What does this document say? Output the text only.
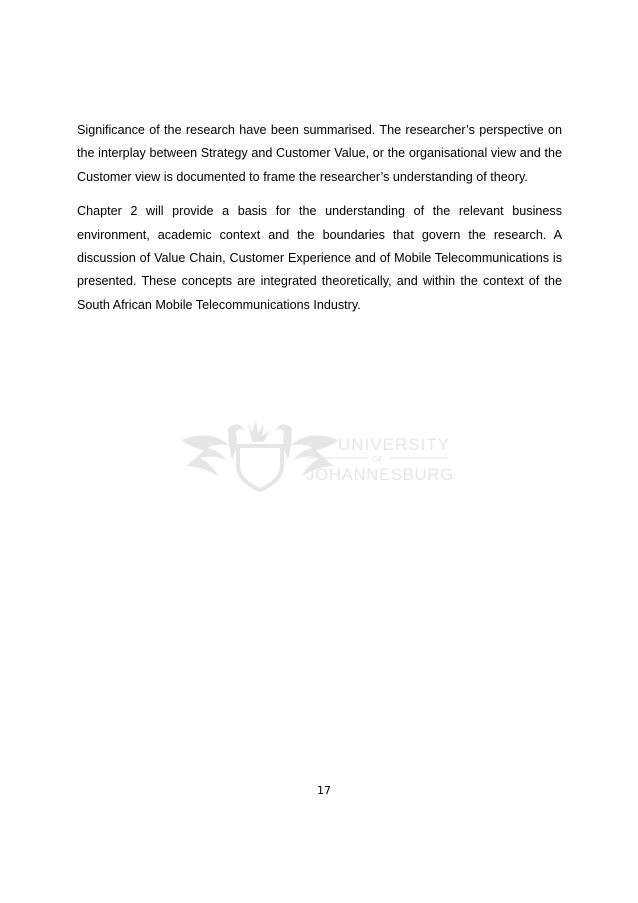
Significance of the research have been summarised. The researcher’s perspective on the interplay between Strategy and Customer Value, or the organisational view and the Customer view is documented to frame the researcher’s understanding of theory.

Chapter 2 will provide a basis for the understanding of the relevant business environment, academic context and the boundaries that govern the research. A discussion of Value Chain, Customer Experience and of Mobile Telecommunications is presented. These concepts are integrated theoretically, and within the context of the South African Mobile Telecommunications Industry.

UNIVERSITY
OF
JOHANNESBURG
17
